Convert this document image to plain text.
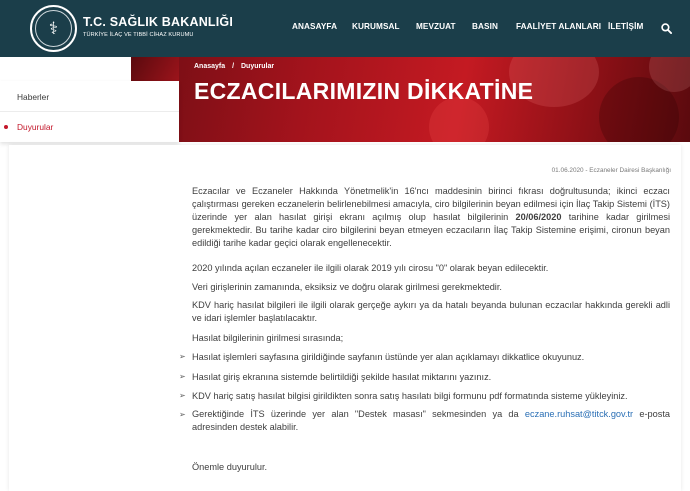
⚕ T.C. SAĞLIK BAKANLIĞI
TÜRKİYE İLAÇ VE TIBBİ CİHAZ KURUMU
ANASAYFA KURUMSAL MEVZUAT BASIN FAALİYET ALANLARI İLETİŞİM
Anasayfa / Duyurular
ECZACILARIMIZIN DİKKATİNE
Haberler
Duyurular
01.06.2020 - Eczaneler Dairesi Başkanlığı
Eczacılar ve Eczaneler Hakkında Yönetmelik'in 16'ncı maddesinin birinci fıkrası doğrultusunda; ikinci eczacı çalıştırması gereken eczanelerin belirlenebilmesi amacıyla, ciro bilgilerinin beyan edilmesi için İlaç Takip Sistemi (İTS) üzerinde yer alan hasılat girişi ekranı açılmış olup hasılat bilgilerinin 20/06/2020 tarihine kadar girilmesi gerekmektedir. Bu tarihe kadar ciro bilgilerini beyan etmeyen eczacıların İlaç Takip Sistemine erişimi, cironun beyan edildiği tarihe kadar geçici olarak engellenecektir.
2020 yılında açılan eczaneler ile ilgili olarak 2019 yılı cirosu "0" olarak beyan edilecektir.
Veri girişlerinin zamanında, eksiksiz ve doğru olarak girilmesi gerekmektedir.
KDV hariç hasılat bilgileri ile ilgili olarak gerçeğe aykırı ya da hatalı beyanda bulunan eczacılar hakkında gerekli adli ve idari işlemler başlatılacaktır.
Hasılat bilgilerinin girilmesi sırasında;
➢ Hasılat işlemleri sayfasına girildiğinde sayfanın üstünde yer alan açıklamayı dikkatlice okuyunuz.
➢ Hasılat giriş ekranına sistemde belirtildiği şekilde hasılat miktarını yazınız.
➢ KDV hariç satış hasılat bilgisi girildikten sonra satış hasılatı bilgi formunu pdf formatında sisteme yükleyiniz.
➢ Gerektiğinde İTS üzerinde yer alan "Destek masası" sekmesinden ya da eczane.ruhsat@titck.gov.tr e-posta adresinden destek alabilir.
Önemle duyurulur.
